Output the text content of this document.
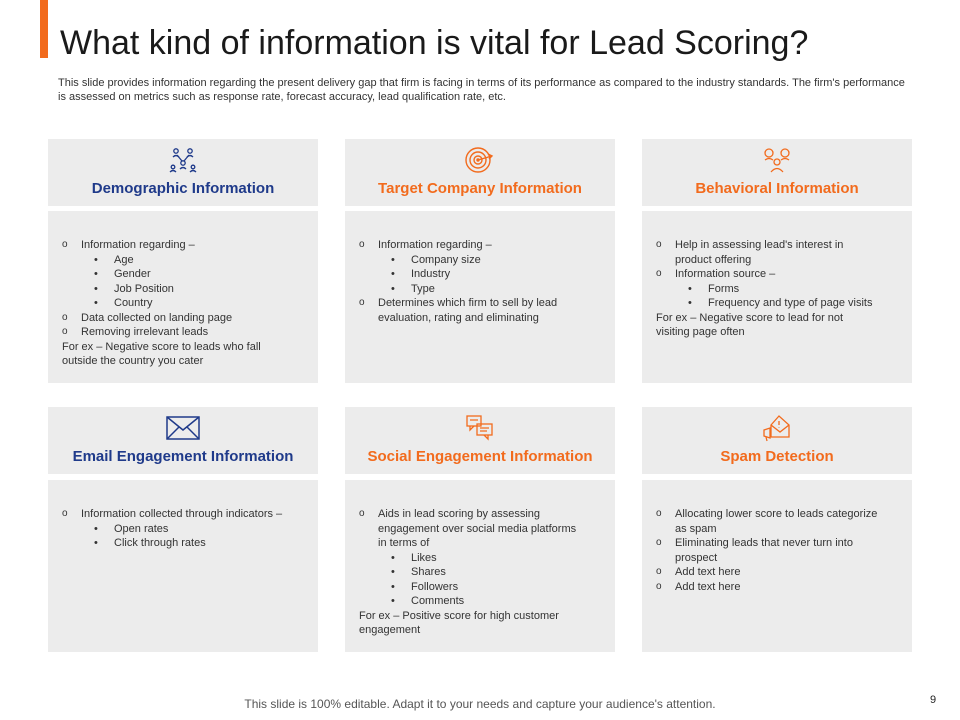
What kind of information is vital for Lead Scoring?
This slide provides information regarding the present delivery gap that firm is facing in terms of its performance as compared to the industry standards. The firm's performance is assessed on metrics such as response rate, forecast accuracy, lead qualification rate, etc.
Demographic Information
o Information regarding –
• Age
• Gender
• Job Position
• Country
o Data collected on landing page
o Removing irrelevant leads
For ex – Negative score to leads who fall
outside the country you cater
Target Company Information
o Information regarding –
• Company size
• Industry
• Type
o Determines which firm to sell by lead
evaluation, rating and eliminating
Behavioral Information
o Help in assessing lead's interest in
product offering
o Information source –
• Forms
• Frequency and type of page visits
For ex – Negative score to lead for not
visiting page often
Email Engagement Information
o Information collected through indicators –
• Open rates
• Click through rates
Social Engagement Information
o Aids in lead scoring by assessing
engagement over social media platforms
in terms of
• Likes
• Shares
• Followers
• Comments
For ex – Positive score for high customer
engagement
Spam Detection
o Allocating lower score to leads categorize
as spam
o Eliminating leads that never turn into
prospect
o Add text here
o Add text here
This slide is 100% editable. Adapt it to your needs and capture your audience's attention.	9
